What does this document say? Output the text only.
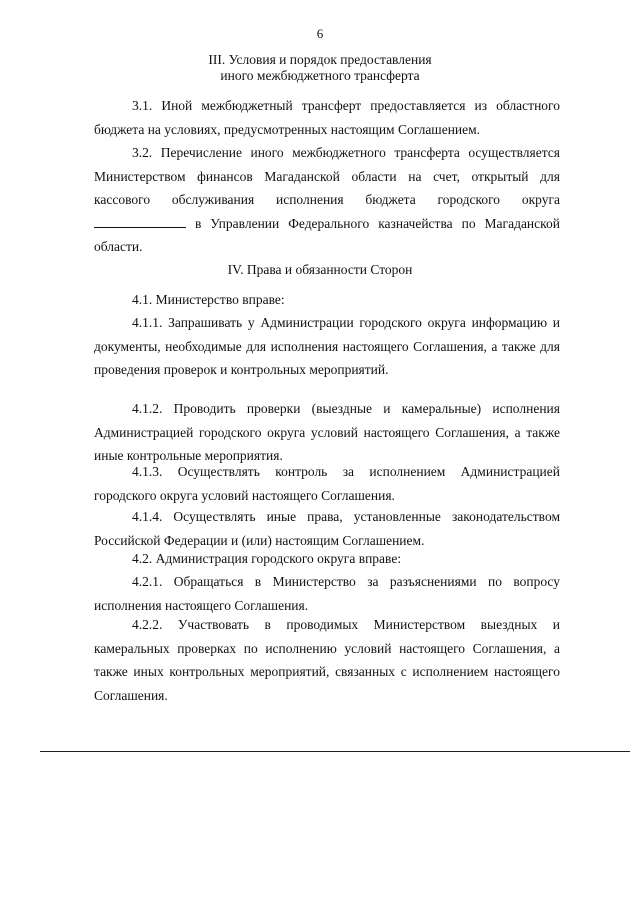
6
III. Условия и порядок предоставления
иного межбюджетного трансферта
3.1. Иной межбюджетный трансферт предоставляется из областного бюджета на условиях, предусмотренных настоящим Соглашением.
3.2. Перечисление иного межбюджетного трансферта осуществляется Министерством финансов Магаданской области на счет, открытый для кассового обслуживания исполнения бюджета городского округа  в Управлении Федерального казначейства по Магаданской области.
IV. Права и обязанности Сторон
4.1. Министерство вправе:
4.1.1. Запрашивать у Администрации городского округа информацию и документы, необходимые для исполнения настоящего Соглашения, а также для проведения проверок и контрольных мероприятий.
4.1.2. Проводить проверки (выездные и камеральные) исполнения Администрацией городского округа условий настоящего Соглашения, а также иные контрольные мероприятия.
4.1.3. Осуществлять контроль за исполнением Администрацией городского округа условий настоящего Соглашения.
4.1.4. Осуществлять иные права, установленные законодательством Российской Федерации и (или) настоящим Соглашением.
4.2. Администрация городского округа вправе:
4.2.1. Обращаться в Министерство за разъяснениями по вопросу исполнения настоящего Соглашения.
4.2.2. Участвовать в проводимых Министерством выездных и камеральных проверках по исполнению условий настоящего Соглашения, а также иных контрольных мероприятий, связанных с исполнением настоящего Соглашения.
